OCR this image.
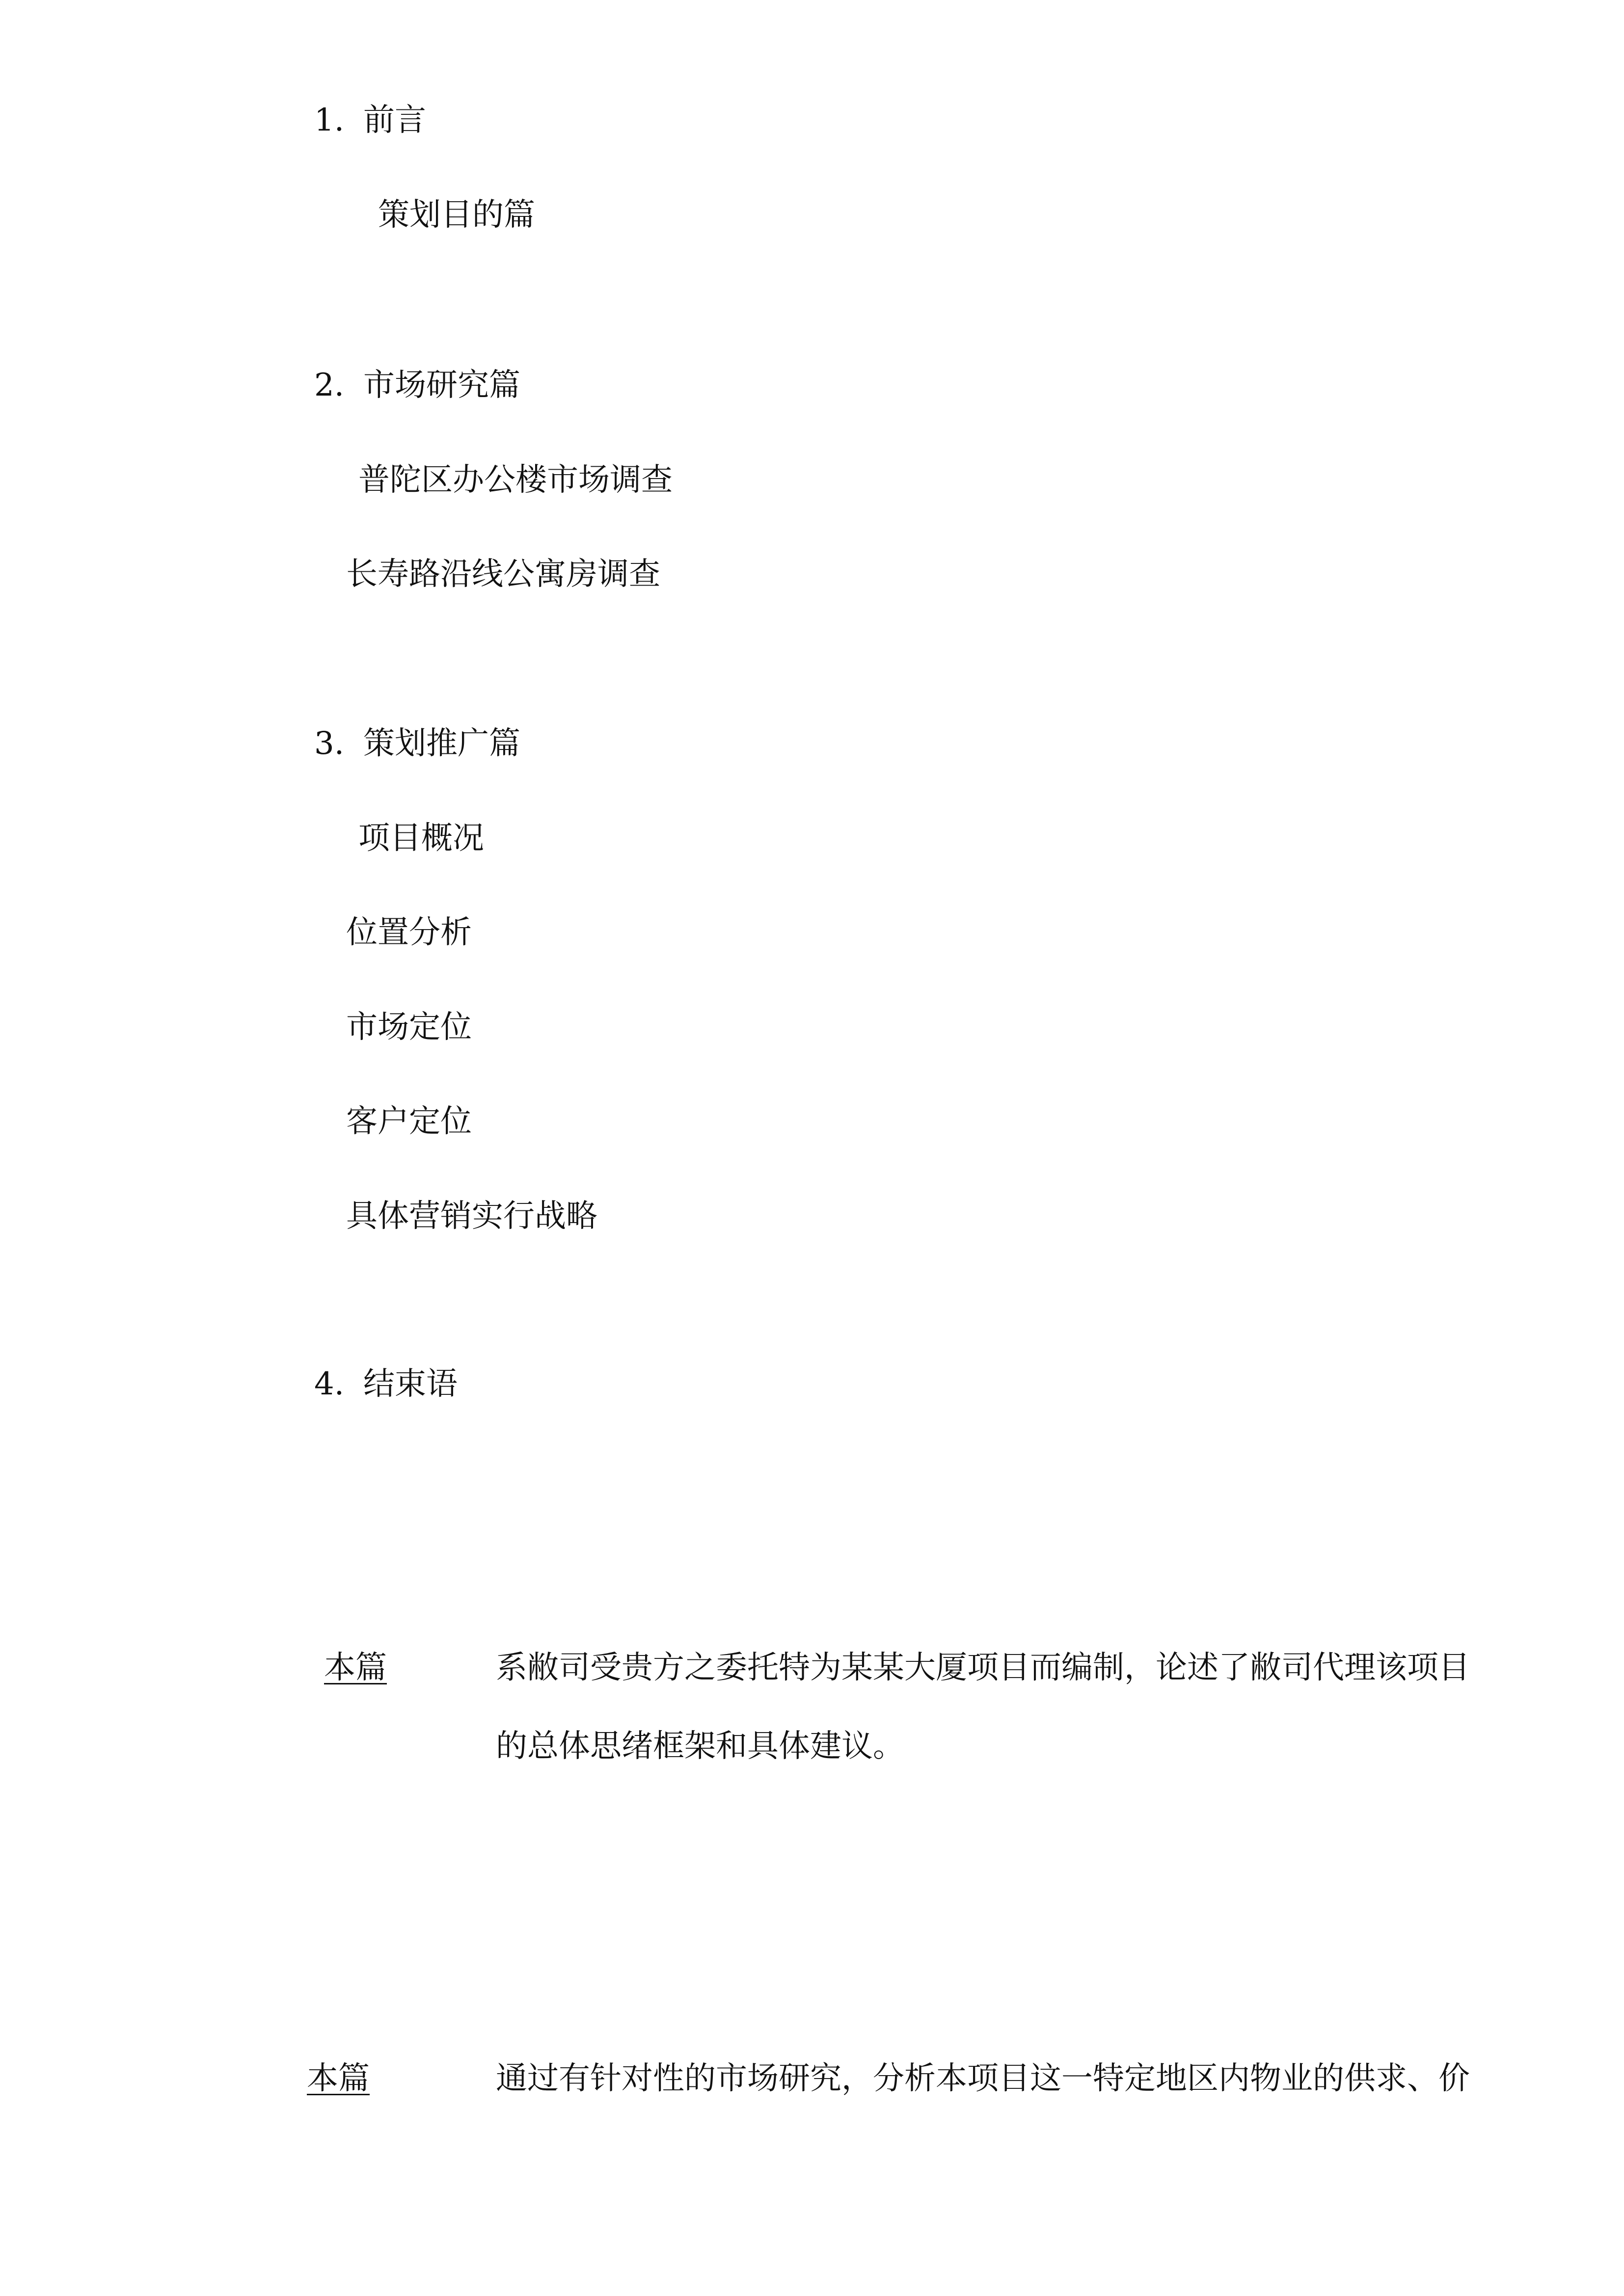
1. 前言
策划目的篇
2. 市场研究篇
普陀区办公楼市场调查
长寿路沿线公寓房调查
3. 策划推广篇
项目概况
位置分析
市场定位
客户定位
具体营销实行战略
4. 结束语
本篇	系敝司受贵方之委托特为某某大厦项目而编制，论述了敝司代理该项目
的总体思绪框架和具体建议。
本篇	通过有针对性的市场研究，分析本项目这一特定地区内物业的供求、价
